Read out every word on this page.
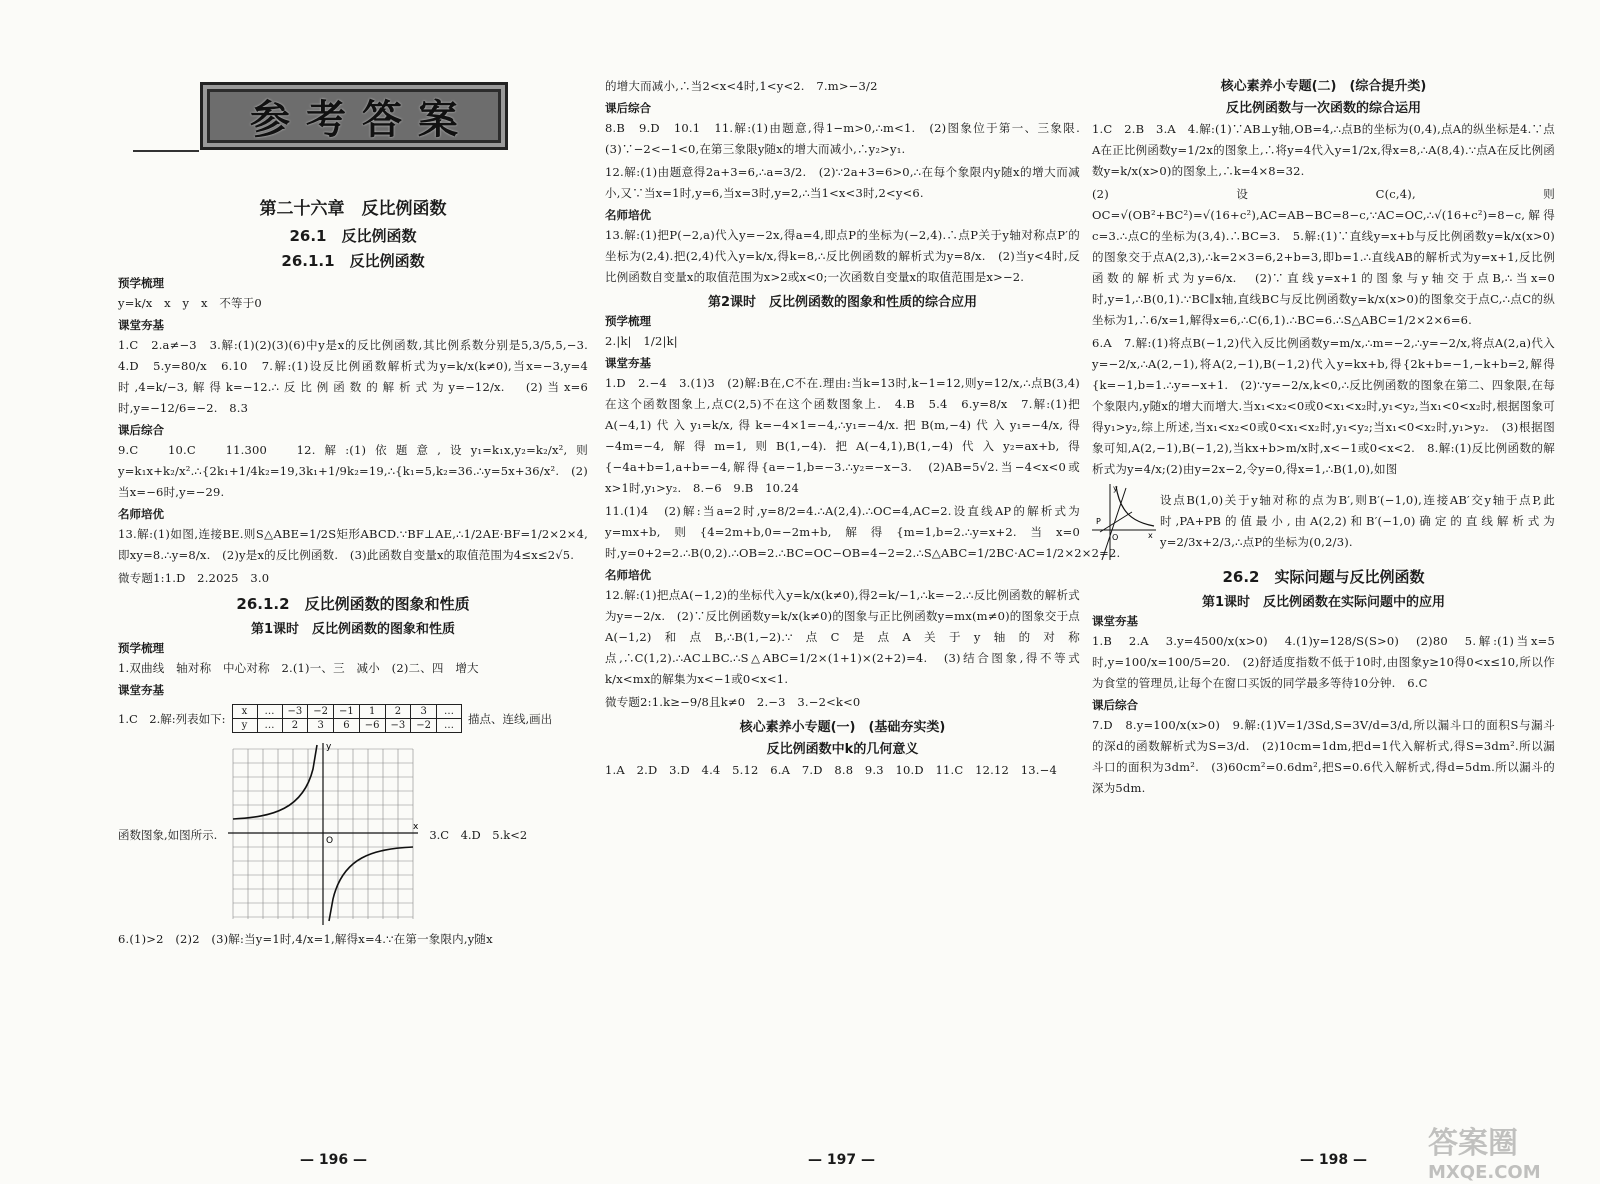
参考答案
第二十六章　反比例函数
26.1　反比例函数
26.1.1　反比例函数
预学梳理

y=k/x　x　y　x　不等于0

课堂夯基

1.C　2.a≠−3　3.解:(1)(2)(3)(6)中y是x的反比例函数,其比例系数分别是5,3/5,5,−3.　4.D　5.y=80/x　6.10　7.解:(1)设反比例函数解析式为y=k/x(k≠0),当x=−3,y=4时,4=k/−3,解得k=−12.∴反比例函数的解析式为y=−12/x.　(2)当x=6时,y=−12/6=−2.　8.3

课后综合

9.C　10.C　11.300　12.解:(1)依题意,设y₁=k₁x,y₂=k₂/x²,则y=k₁x+k₂/x².∴{2k₁+1/4k₂=19,3k₁+1/9k₂=19,∴{k₁=5,k₂=36.∴y=5x+36/x².　(2)当x=−6时,y=−29.

名师培优

13.解:(1)如图,连接BE.则S△ABE=1/2S矩形ABCD.∵BF⊥AE,∴1/2AE·BF=1/2×2×4,即xy=8.∴y=8/x.　(2)y是x的反比例函数.　(3)此函数自变量x的取值范围为4≤x≤2√5.

微专题1:1.D　2.2025　3.0

26.1.2　反比例函数的图象和性质
第1课时　反比例函数的图象和性质
预学梳理

1.双曲线　轴对称　中心对称　2.(1)一、三　减小　(2)二、四　增大

课堂夯基
1.C　2.解:列表如下: x	…	−3	−2	−1	1	2	3	…
y	…	2	3	6	−6	−3	−2	… 描点、连线,画出
函数图象,如图所示.	O
x
y
3.C　4.D　5.k<2

6.(1)>2　(2)2　(3)解:当y=1时,4/x=1,解得x=4.∵在第一象限内,y随x

的增大而减小,∴当2<x<4时,1<y<2.　7.m>−3/2

课后综合

8.B　9.D　10.1　11.解:(1)由题意,得1−m>0,∴m<1.　(2)图象位于第一、三象限.　(3)∵−2<−1<0,在第三象限y随x的增大而减小,∴y₂>y₁.

12.解:(1)由题意得2a+3=6,∴a=3/2.　(2)∵2a+3=6>0,∴在每个象限内y随x的增大而减小,又∵当x=1时,y=6,当x=3时,y=2,∴当1<x<3时,2<y<6.

名师培优

13.解:(1)把P(−2,a)代入y=−2x,得a=4,即点P的坐标为(−2,4).∴点P关于y轴对称点P′的坐标为(2,4).把(2,4)代入y=k/x,得k=8,∴反比例函数的解析式为y=8/x.　(2)当y<4时,反比例函数自变量x的取值范围为x>2或x<0;一次函数自变量x的取值范围是x>−2.

第2课时　反比例函数的图象和性质的综合应用
预学梳理

2.|k|　1/2|k|

课堂夯基

1.D　2.−4　3.(1)3　(2)解:B在,C不在.理由:当k=13时,k−1=12,则y=12/x,∴点B(3,4)在这个函数图象上,点C(2,5)不在这个函数图象上.　4.B　5.4　6.y=8/x　7.解:(1)把A(−4,1)代入y₁=k/x,得k=−4×1=−4,∴y₁=−4/x.把B(m,−4)代入y₁=−4/x,得−4m=−4,解得m=1,则B(1,−4).把A(−4,1),B(1,−4)代入y₂=ax+b,得{−4a+b=1,a+b=−4,解得{a=−1,b=−3.∴y₂=−x−3.　(2)AB=5√2.当−4<x<0或x>1时,y₁>y₂.　8.−6　9.B　10.24

11.(1)4　(2)解:当a=2时,y=8/2=4.∴A(2,4).∴OC=4,AC=2.设直线AP的解析式为y=mx+b,则{4=2m+b,0=−2m+b,解得{m=1,b=2.∴y=x+2.当x=0时,y=0+2=2.∴B(0,2).∴OB=2.∴BC=OC−OB=4−2=2.∴S△ABC=1/2BC·AC=1/2×2×2=2.

名师培优

12.解:(1)把点A(−1,2)的坐标代入y=k/x(k≠0),得2=k/−1,∴k=−2.∴反比例函数的解析式为y=−2/x.　(2)∵反比例函数y=k/x(k≠0)的图象与正比例函数y=mx(m≠0)的图象交于点A(−1,2)和点B,∴B(1,−2).∵点C是点A关于y轴的对称点,∴C(1,2).∴AC⊥BC.∴S△ABC=1/2×(1+1)×(2+2)=4.　(3)结合图象,得不等式k/x<mx的解集为x<−1或0<x<1.

微专题2:1.k≥−9/8且k≠0　2.−3　3.−2<k<0

核心素养小专题(一)　(基础夯实类)
反比例函数中k的几何意义

1.A　2.D　3.D　4.4　5.12　6.A　7.D　8.8　9.3　10.D　11.C　12.12　13.−4

核心素养小专题(二)　(综合提升类)
反比例函数与一次函数的综合运用

1.C　2.B　3.A　4.解:(1)∵AB⊥y轴,OB=4,∴点B的坐标为(0,4),点A的纵坐标是4.∵点A在正比例函数y=1/2x的图象上,∴将y=4代入y=1/2x,得x=8,∴A(8,4).∵点A在反比例函数y=k/x(x>0)的图象上,∴k=4×8=32.

(2)设C(c,4),则OC=√(OB²+BC²)=√(16+c²),AC=AB−BC=8−c,∵AC=OC,∴√(16+c²)=8−c,解得c=3.∴点C的坐标为(3,4).∴BC=3.　5.解:(1)∵直线y=x+b与反比例函数y=k/x(x>0)的图象交于点A(2,3),∴k=2×3=6,2+b=3,即b=1.∴直线AB的解析式为y=x+1,反比例函数的解析式为y=6/x.　(2)∵直线y=x+1的图象与y轴交于点B,∴当x=0时,y=1,∴B(0,1).∵BC∥x轴,直线BC与反比例函数y=k/x(x>0)的图象交于点C,∴点C的纵坐标为1,∴6/x=1,解得x=6,∴C(6,1).∴BC=6.∴S△ABC=1/2×2×6=6.

6.A　7.解:(1)将点B(−1,2)代入反比例函数y=m/x,∴m=−2,∴y=−2/x,将点A(2,a)代入y=−2/x,∴A(2,−1),将A(2,−1),B(−1,2)代入y=kx+b,得{2k+b=−1,−k+b=2,解得{k=−1,b=1.∴y=−x+1.　(2)∵y=−2/x,k<0,∴反比例函数的图象在第二、四象限,在每个象限内,y随x的增大而增大.当x₁<x₂<0或0<x₁<x₂时,y₁<y₂,当x₁<0<x₂时,根据图象可得y₁>y₂,综上所述,当x₁<x₂<0或0<x₁<x₂时,y₁<y₂;当x₁<0<x₂时,y₁>y₂.　(3)根据图象可知,A(2,−1),B(−1,2),当kx+b>m/x时,x<−1或0<x<2.　8.解:(1)反比例函数的解析式为y=4/x;(2)由y=2x−2,令y=0,得x=1,∴B(1,0),如图

P
O	x
y

设点B(1,0)关于y轴对称的点为B′,则B′(−1,0),连接AB′交y轴于点P,此时,PA+PB的值最小,由A(2,2)和B′(−1,0)确定的直线解析式为y=2/3x+2/3,∴点P的坐标为(0,2/3).

26.2　实际问题与反比例函数
第1课时　反比例函数在实际问题中的应用
课堂夯基

1.B　2.A　3.y=4500/x(x>0)　4.(1)y=128/S(S>0)　(2)80　5.解:(1)当x=5时,y=100/x=100/5=20.　(2)舒适度指数不低于10时,由图象y≥10得0<x≤10,所以作为食堂的管理员,让每个在窗口买饭的同学最多等待10分钟.　6.C

课后综合

7.D　8.y=100/x(x>0)　9.解:(1)V=1/3Sd,S=3V/d=3/d,所以漏斗口的面积S与漏斗的深d的函数解析式为S=3/d.　(2)10cm=1dm,把d=1代入解析式,得S=3dm².所以漏斗口的面积为3dm².　(3)60cm²=0.6dm²,把S=0.6代入解析式,得d=5dm.所以漏斗的深为5dm.

— 196 —	— 197 —	— 198 — 答案圈
MXQE.COM
